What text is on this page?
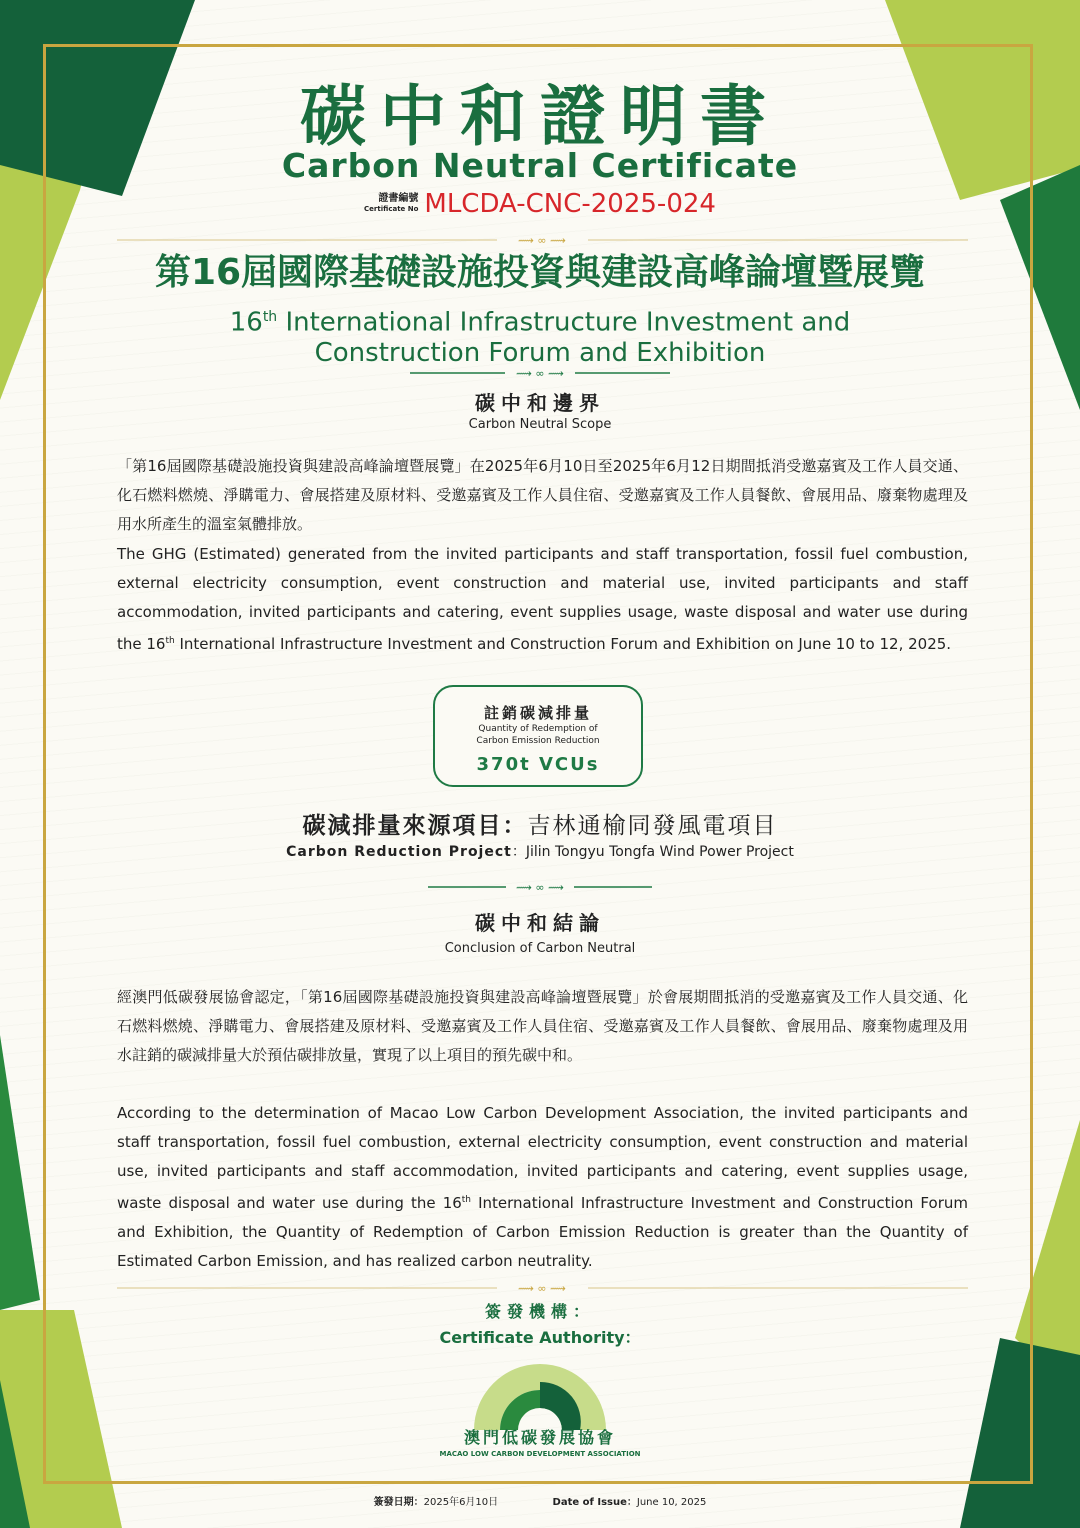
碳中和證明書
Carbon Neutral Certificate
證書編號
Certificate No MLCDA-CNC-2025-024
⟿ ∞ ⟿
第16屆國際基礎設施投資與建設高峰論壇暨展覽
16th International Infrastructure Investment and
Construction Forum and Exhibition
⟿ ∞ ⟿
碳中和邊界
Carbon Neutral Scope
「第16屆國際基礎設施投資與建設高峰論壇暨展覽」在2025年6月10日至2025年6月12日期間抵消受邀嘉賓及工作人員交通、化石燃料燃燒、淨購電力、會展搭建及原材料、受邀嘉賓及工作人員住宿、受邀嘉賓及工作人員餐飲、會展用品、廢棄物處理及用水所產生的溫室氣體排放。
The GHG (Estimated) generated from the invited participants and staff transportation, fossil fuel combustion, external electricity consumption, event construction and material use, invited participants and staff accommodation, invited participants and catering, event supplies usage, waste disposal and water use during the 16th International Infrastructure Investment and Construction Forum and Exhibition on June 10 to 12, 2025.
註銷碳減排量
Quantity of Redemption of
Carbon Emission Reduction
370t VCUs
碳減排量來源項目：吉林通榆同發風電項目
Carbon Reduction Project：Jilin Tongyu Tongfa Wind Power Project
⟿ ∞ ⟿
碳中和結論
Conclusion of Carbon Neutral
經澳門低碳發展協會認定，「第16屆國際基礎設施投資與建設高峰論壇暨展覽」於會展期間抵消的受邀嘉賓及工作人員交通、化石燃料燃燒、淨購電力、會展搭建及原材料、受邀嘉賓及工作人員住宿、受邀嘉賓及工作人員餐飲、會展用品、廢棄物處理及用水註銷的碳減排量大於預估碳排放量，實現了以上項目的預先碳中和。
According to the determination of Macao Low Carbon Development Association, the invited participants and staff transportation, fossil fuel combustion, external electricity consumption, event construction and material use, invited participants and staff accommodation, invited participants and catering, event supplies usage, waste disposal and water use during the 16th International Infrastructure Investment and Construction Forum and Exhibition, the Quantity of Redemption of Carbon Emission Reduction is greater than the Quantity of Estimated Carbon Emission, and has realized carbon neutrality.
⟿ ∞ ⟿
簽發機構：
Certificate Authority：
澳門低碳發展協會
MACAO LOW CARBON DEVELOPMENT ASSOCIATION
簽發日期：2025年6月10日	Date of Issue：June 10, 2025
